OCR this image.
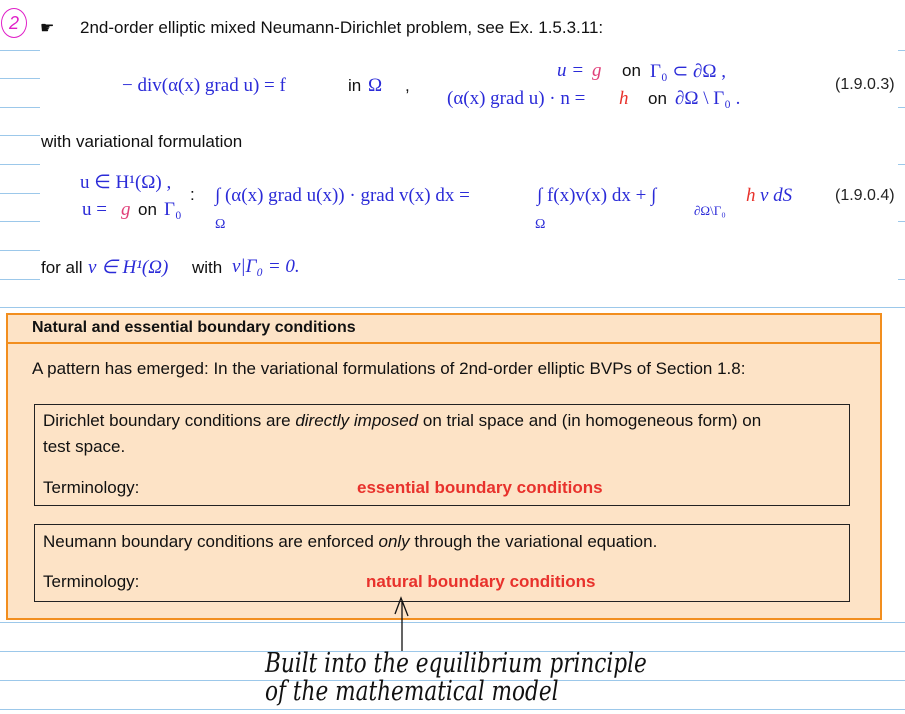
2	☛ 2nd-order elliptic mixed Neumann-Dirichlet problem, see Ex. 1.5.3.11:
− div(α(x) grad u) = f	in Ω ,
u = g on Γ₀ ⊂ ∂Ω ,
(α(x) grad u) · n = h on ∂Ω \ Γ₀ .
(1.9.0.3)
with variational formulation
u ∈ H¹(Ω) ,
u = g on Γ₀
: ∫ (α(x) grad u(x)) · grad v(x) dx =
Ω
∫ f(x)v(x) dx + ∫
Ω
∂Ω\Γ₀
h v dS	(1.9.0.4)
for all v ∈ H¹(Ω) with v|Γ₀ = 0.
Natural and essential boundary conditions
A pattern has emerged: In the variational formulations of 2nd-order elliptic BVPs of Section 1.8:
Dirichlet boundary conditions are directly imposed on trial space and (in homogeneous form) on
test space.
Terminology:	essential boundary conditions
Neumann boundary conditions are enforced only through the variational equation.
Terminology:	natural boundary conditions
Built into the equilibrium principle
of the mathematical model
